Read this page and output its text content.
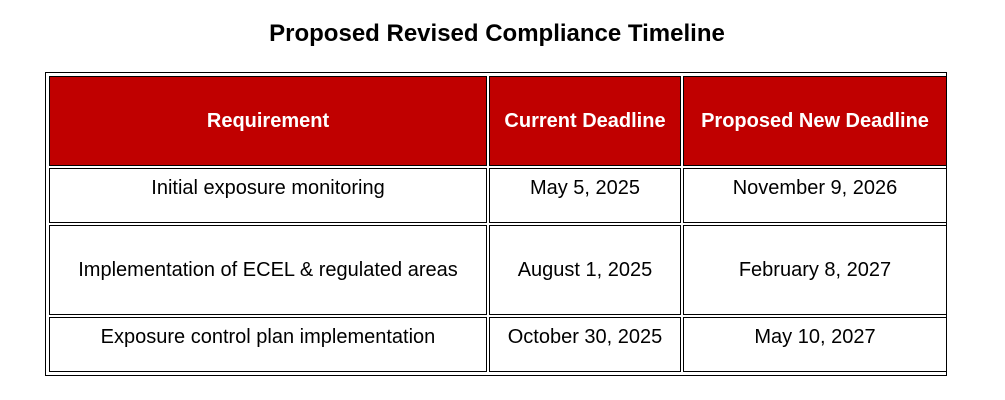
Proposed Revised Compliance Timeline
Requirement	Current Deadline	Proposed New Deadline
Initial exposure monitoring	May 5, 2025	November 9, 2026
Implementation of ECEL & regulated areas	August 1, 2025	February 8, 2027
Exposure control plan implementation	October 30, 2025	May 10, 2027
